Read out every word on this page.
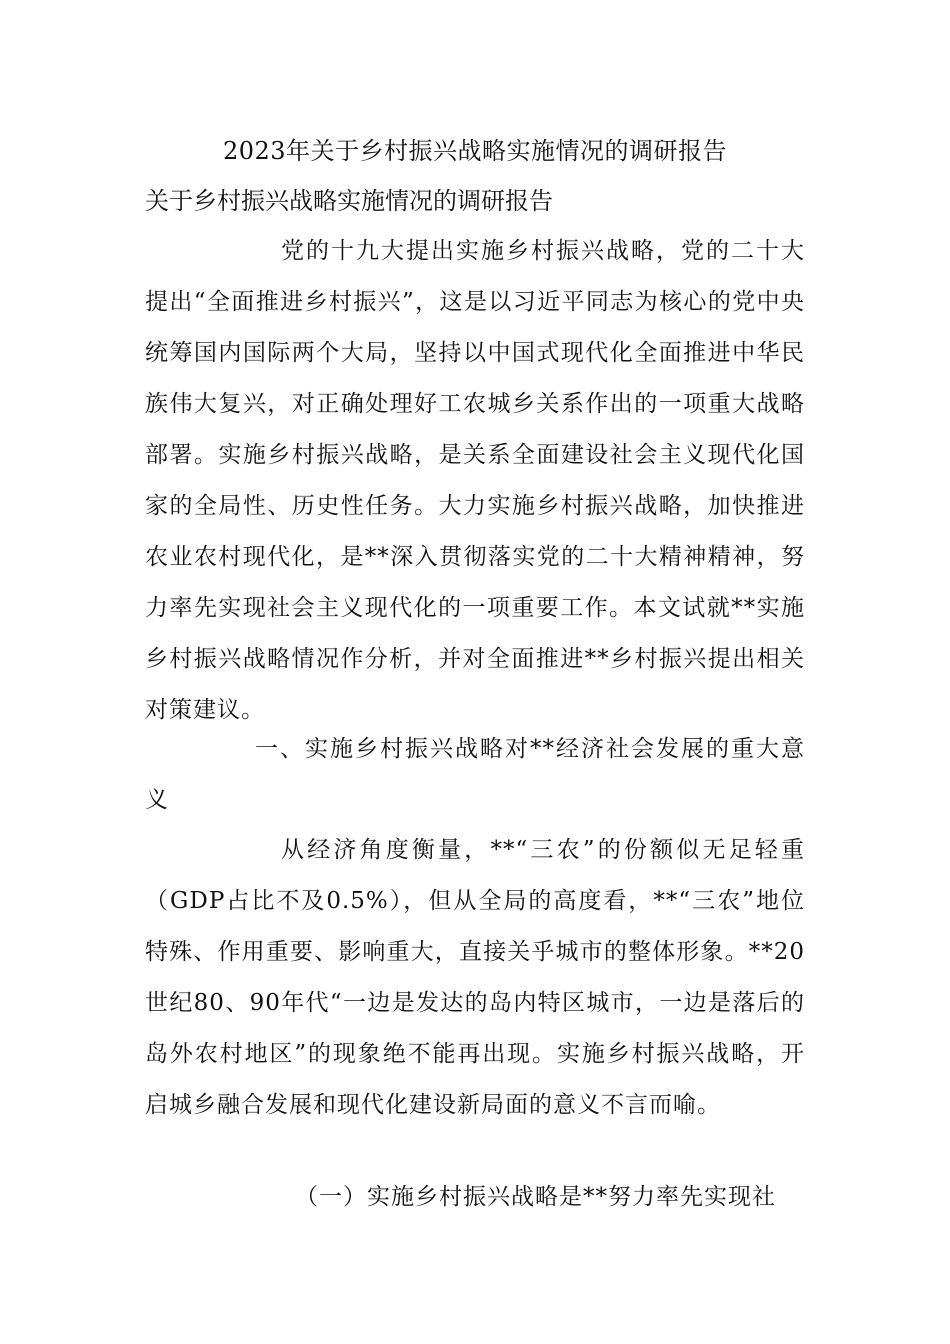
2023年关于乡村振兴战略实施情况的调研报告
关于乡村振兴战略实施情况的调研报告

党的十九大提出实施乡村振兴战略，党的二十大提出“全面推进乡村振兴”，这是以习近平同志为核心的党中央统筹国内国际两个大局，坚持以中国式现代化全面推进中华民族伟大复兴，对正确处理好工农城乡关系作出的一项重大战略部署。实施乡村振兴战略，是关系全面建设社会主义现代化国家的全局性、历史性任务。大力实施乡村振兴战略，加快推进农业农村现代化，是**深入贯彻落实党的二十大精神精神，努力率先实现社会主义现代化的一项重要工作。本文试就**实施乡村振兴战略情况作分析，并对全面推进**乡村振兴提出相关对策建议。

一、实施乡村振兴战略对**经济社会发展的重大意义

从经济角度衡量，**“三农”的份额似无足轻重（GDP占比不及0.5%），但从全局的高度看，**“三农”地位特殊、作用重要、影响重大，直接关乎城市的整体形象。**20世纪80、90年代“一边是发达的岛内特区城市，一边是落后的岛外农村地区”的现象绝不能再出现。实施乡村振兴战略，开启城乡融合发展和现代化建设新局面的意义不言而喻。

（一）实施乡村振兴战略是**努力率先实现社
